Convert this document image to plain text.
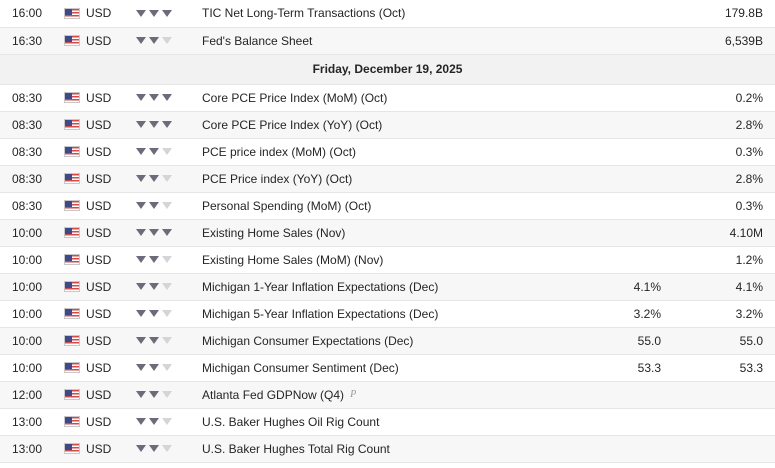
16:00	USD		TIC Net Long-Term Transactions (Oct)		179.8B
16:30	USD		Fed's Balance Sheet		6,539B
Friday, December 19, 2025					
08:30	USD		Core PCE Price Index (MoM) (Oct)		0.2%
08:30	USD		Core PCE Price Index (YoY) (Oct)		2.8%
08:30	USD		PCE price index (MoM) (Oct)		0.3%
08:30	USD		PCE Price index (YoY) (Oct)		2.8%
08:30	USD		Personal Spending (MoM) (Oct)		0.3%
10:00	USD		Existing Home Sales (Nov)		4.10M
10:00	USD		Existing Home Sales (MoM) (Nov)		1.2%
10:00	USD		Michigan 1-Year Inflation Expectations (Dec)	4.1%	4.1%
10:00	USD		Michigan 5-Year Inflation Expectations (Dec)	3.2%	3.2%
10:00	USD		Michigan Consumer Expectations (Dec)	55.0	55.0
10:00	USD		Michigan Consumer Sentiment (Dec)	53.3	53.3
12:00	USD		Atlanta Fed GDPNow (Q4) P		

13:00	USD		U.S. Baker Hughes Oil Rig Count		

13:00	USD		U.S. Baker Hughes Total Rig Count		
